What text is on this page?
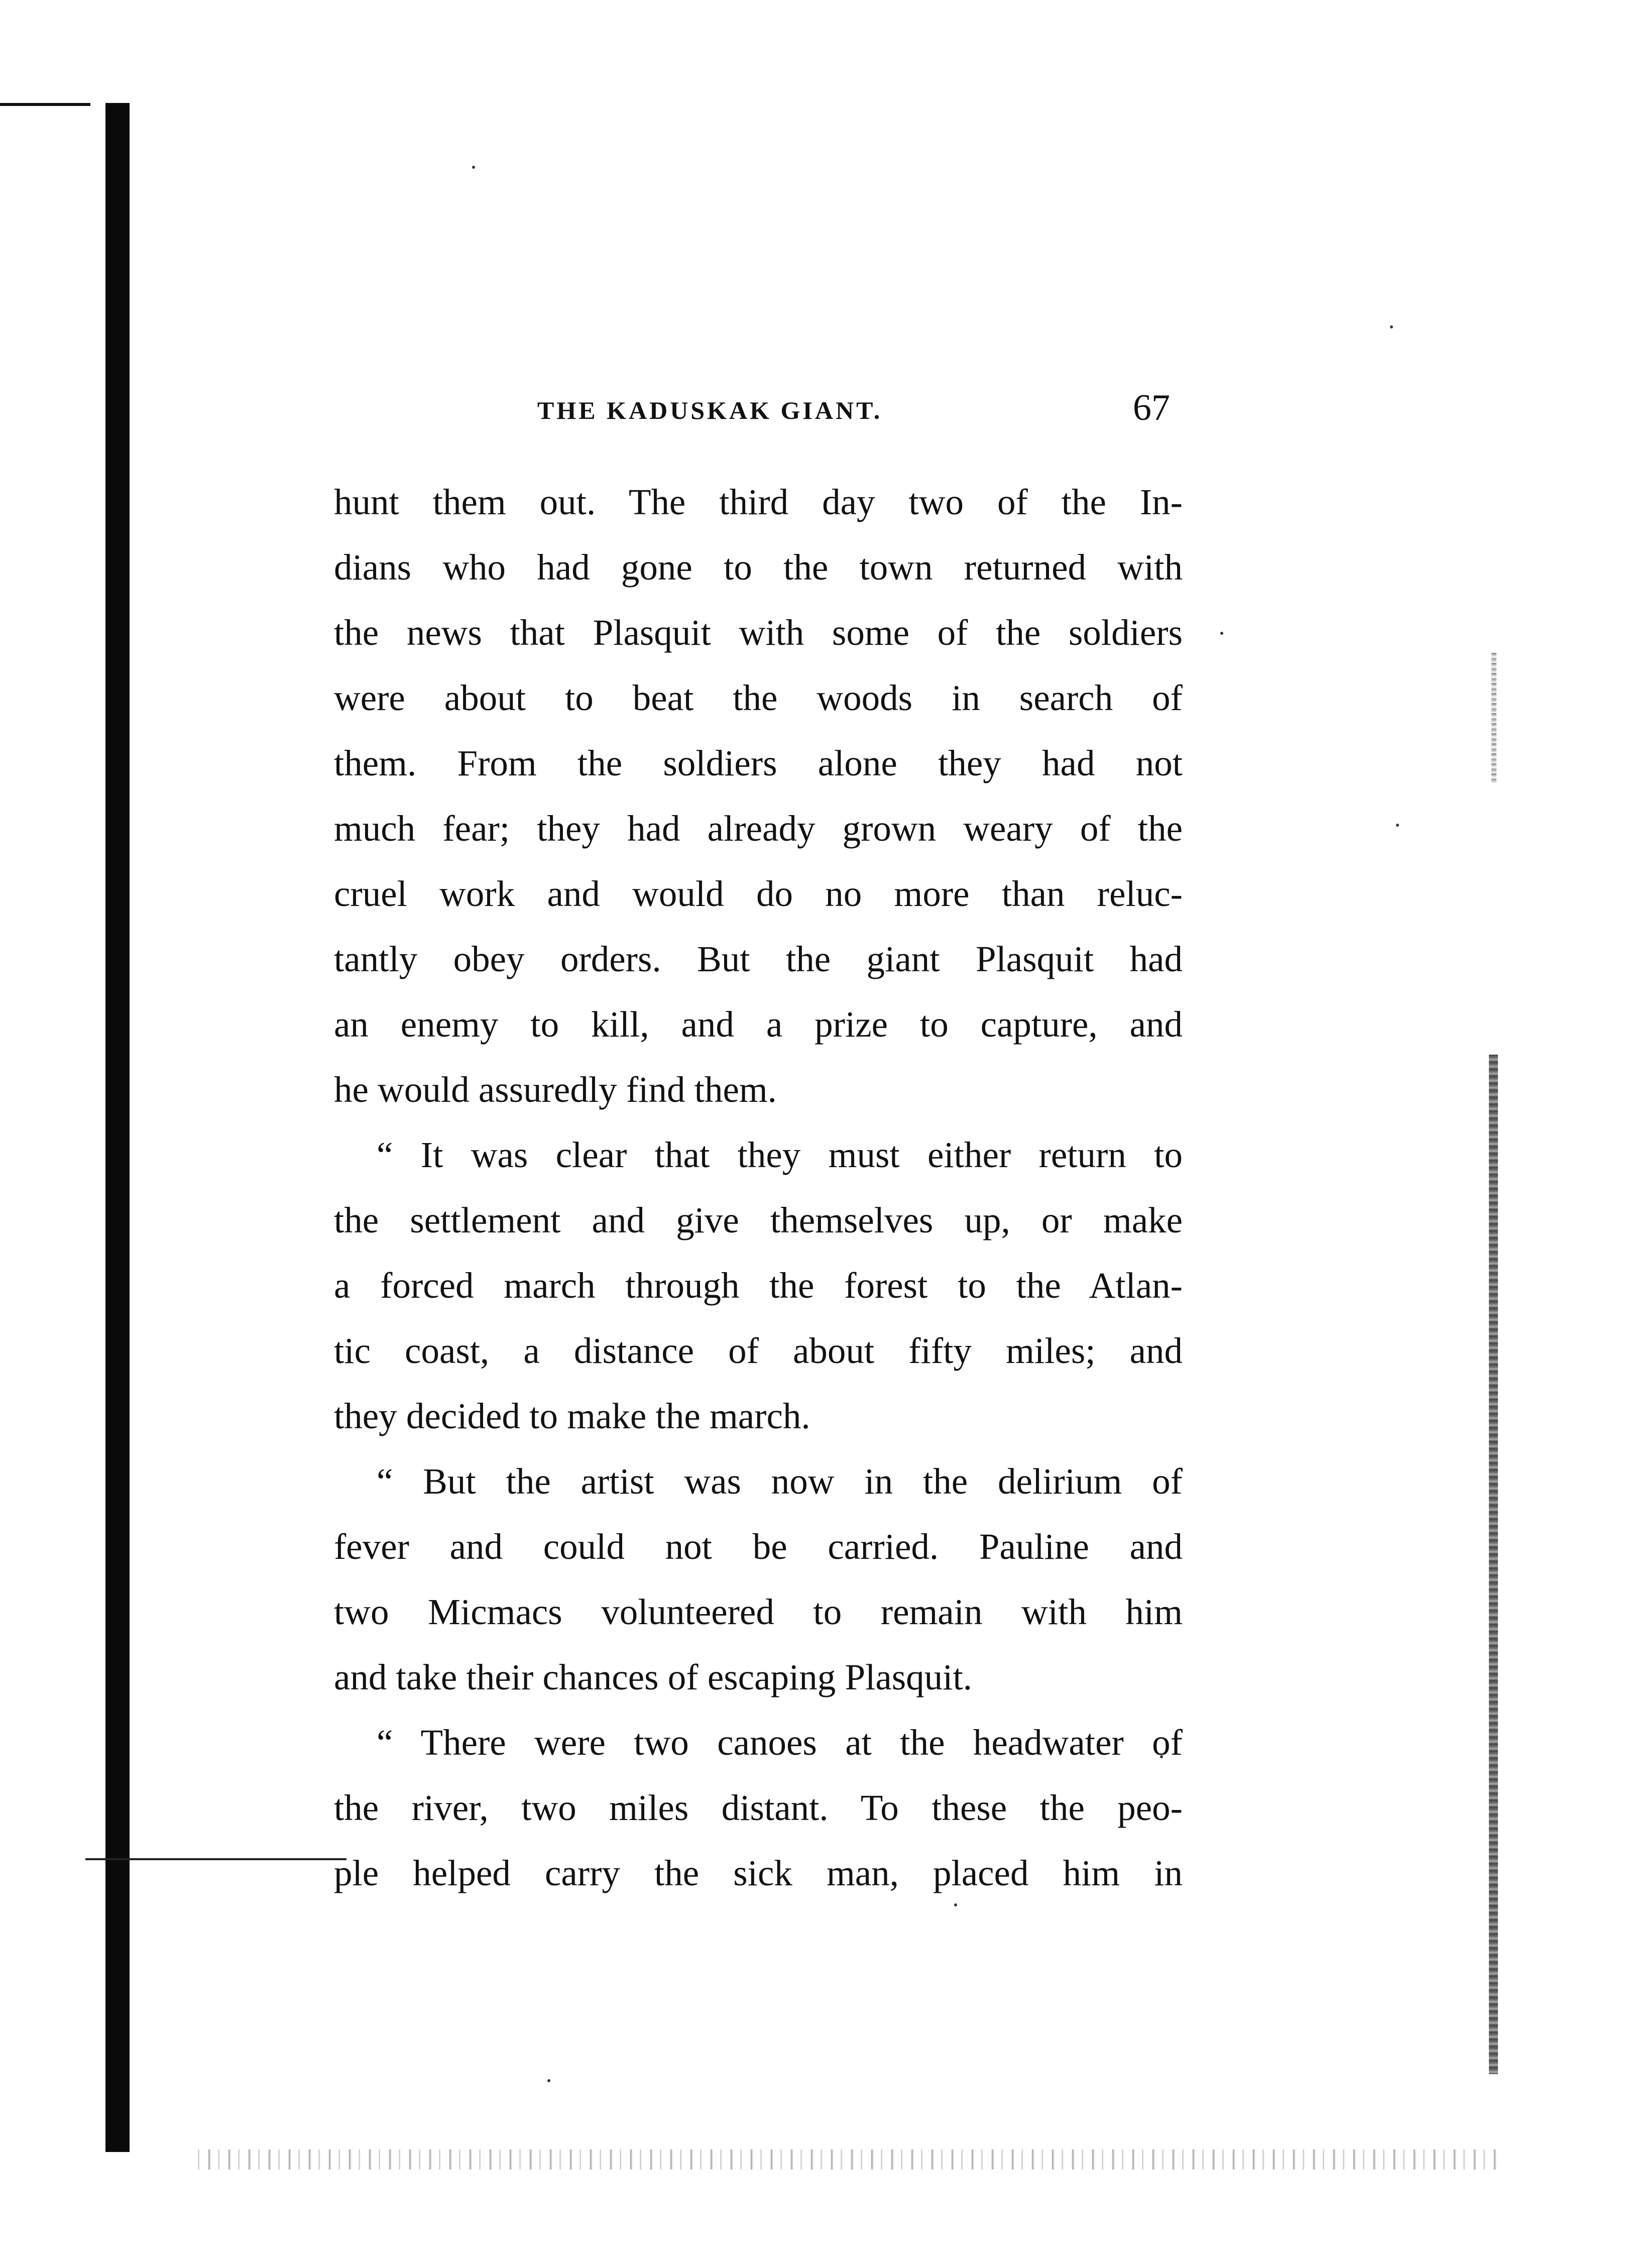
THE KADUSKAK GIANT.	67
hunt them out. The third day two of the In-
dians who had gone to the town returned with
the news that Plasquit with some of the soldiers
were about to beat the woods in search of
them. From the soldiers alone they had not
much fear; they had already grown weary of the
cruel work and would do no more than reluc-
tantly obey orders. But the giant Plasquit had
an enemy to kill, and a prize to capture, and
he would assuredly find them.
“ It was clear that they must either return to
the settlement and give themselves up, or make
a forced march through the forest to the Atlan-
tic coast, a distance of about fifty miles; and
they decided to make the march.
“ But the artist was now in the delirium of
fever and could not be carried. Pauline and
two Micmacs volunteered to remain with him
and take their chances of escaping Plasquit.
“ There were two canoes at the headwater of
the river, two miles distant. To these the peo-
ple helped carry the sick man, placed him in
